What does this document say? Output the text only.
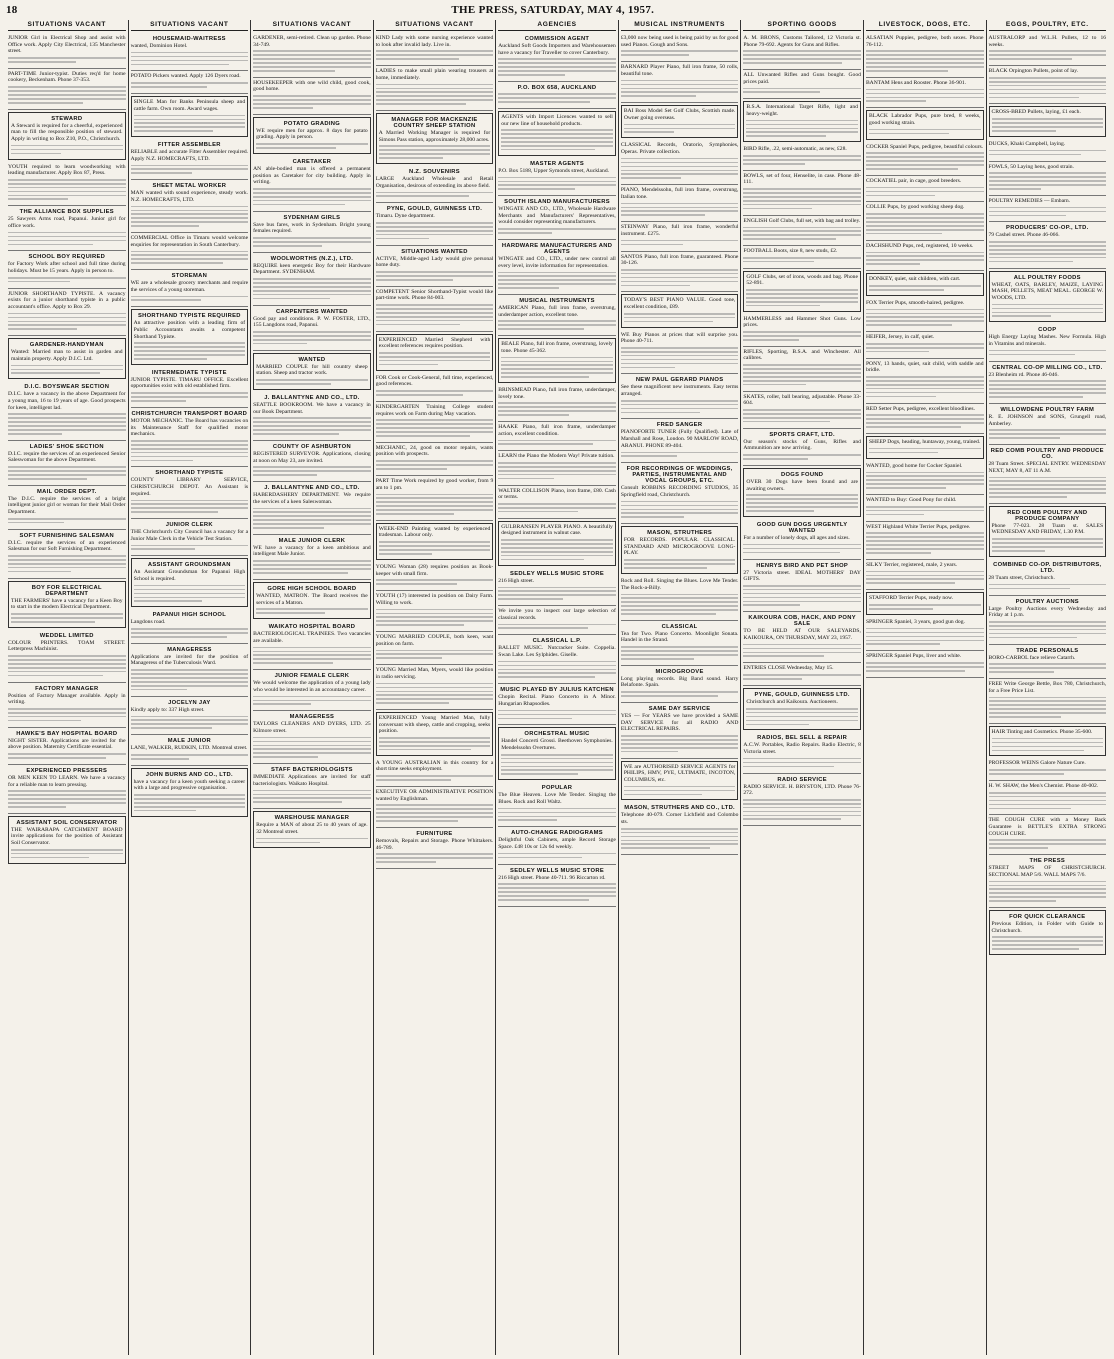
18	THE PRESS, SATURDAY, MAY 4, 1957.
SITUATIONS VACANT

JUNIOR Girl in Electrical Shop and assist with Office work. Apply City Electrical, 135 Manchester street.

PART-TIME Junior-typist. Duties req'd for home cookery, Beckenham. Phone 37-353.

STEWARD

A Steward is required for a cheerful, experienced man to fill the responsible position of steward. Apply in writing to Box Z10, P.O., Christchurch.

YOUTH required to learn woodworking with leading manufacturer. Apply Box 87, Press.

THE ALLIANCE BOX SUPPLIES

25 Sawyers Arms road, Papanui. Junior girl for office work.

SCHOOL BOY REQUIRED

for Factory Work after school and full time during holidays. Must be 15 years. Apply in person to.

JUNIOR SHORTHAND TYPISTE. A vacancy exists for a junior shorthand typiste in a public accountant's office. Apply to Box 29.

GARDENER-HANDYMAN

Wanted: Married man to assist in garden and maintain property. Apply D.I.C. Ltd.

D.I.C. BOYSWEAR SECTION

D.I.C. have a vacancy in the above Department for a young man, 16 to 19 years of age. Good prospects for keen, intelligent lad.

LADIES' SHOE SECTION

D.I.C. require the services of an experienced Senior Saleswoman for the above Department.

MAIL ORDER DEPT.

The D.I.C. require the services of a bright intelligent junior girl or woman for their Mail Order Department.

SOFT FURNISHING SALESMAN

D.I.C. require the services of an experienced Salesman for our Soft Furnishing Department.

BOY FOR ELECTRICAL DEPARTMENT

THE FARMERS' have a vacancy for a Keen Boy to start in the modern Electrical Department.

WEDDEL LIMITED

COLOUR PRINTERS. TOAM STREET. Letterpress Machinist.

FACTORY MANAGER

Position of Factory Manager available. Apply in writing.

HAWKE'S BAY HOSPITAL BOARD

NIGHT SISTER. Applications are invited for the above position. Maternity Certificate essential.

EXPERIENCED PRESSERS

OR MEN KEEN TO LEARN. We have a vacancy for a reliable man to learn pressing.

ASSISTANT SOIL CONSERVATOR

THE WAIRARAPA CATCHMENT BOARD invite applications for the position of Assistant Soil Conservator.

SITUATIONS VACANT
HOUSEMAID-WAITRESS

wanted, Dominion Hotel.

POTATO Pickers wanted. Apply 126 Dyers road.

SINGLE Man for Banks Peninsula sheep and cattle farm. Own room. Award wages.

FITTER ASSEMBLER

RELIABLE and accurate Fitter Assembler required. Apply N.Z. HOMECRAFTS, LTD.

SHEET METAL WORKER

MAN wanted with sound experience, steady work. N.Z. HOMECRAFTS, LTD.

COMMERCIAL Office in Timaru would welcome enquiries for representation in South Canterbury.

STOREMAN

WE are a wholesale grocery merchants and require the services of a young storeman.

SHORTHAND TYPISTE REQUIRED

An attractive position with a leading firm of Public Accountants awaits a competent Shorthand Typiste.

INTERMEDIATE TYPISTE

JUNIOR TYPISTE. TIMARU OFFICE. Excellent opportunities exist with old established firm.

CHRISTCHURCH TRANSPORT BOARD

MOTOR MECHANIC. The Board has vacancies on its Maintenance Staff for qualified motor mechanics.

SHORTHAND TYPISTE

COUNTY LIBRARY SERVICE, CHRISTCHURCH DEPOT. An Assistant is required.

JUNIOR CLERK

THE Christchurch City Council has a vacancy for a Junior Male Clerk in the Vehicle Test Station.

ASSISTANT GROUNDSMAN

An Assistant Groundsman for Papanui High School is required.

PAPANUI HIGH SCHOOL

Langdons road.

MANAGERESS

Applications are invited for the position of Manageress of the Tuberculosis Ward.

JOCELYN JAY

Kindly apply to: 337 High street.

MALE JUNIOR

LANE, WALKER, RUDKIN, LTD. Montreal street.

JOHN BURNS AND CO., LTD.

have a vacancy for a keen youth seeking a career with a large and progressive organisation.

SITUATIONS VACANT

GARDENER, semi-retired. Clean up garden. Phone 34-749.

HOUSEKEEPER with one wild child, good cook, good home.

POTATO GRADING

WE require men for approx. 8 days for potato grading. Apply in person.

CARETAKER

AN able-bodied man is offered a permanent position as Caretaker for city building. Apply in writing.

SYDENHAM GIRLS

Save bus fares, work in Sydenham. Bright young females required.

WOOLWORTHS (N.Z.), LTD.

REQUIRE keen energetic Boy for their Hardware Department. SYDENHAM.

CARPENTERS WANTED

Good pay and conditions. P. W. FOSTER, LTD., 155 Langdons road, Papanui.

WANTED

MARRIED COUPLE for hill country sheep station. Sheep and tractor work.

J. BALLANTYNE AND CO., LTD.

SEATTLE BOOKROOM. We have a vacancy in our Book Department.

COUNTY OF ASHBURTON

REGISTERED SURVEYOR. Applications, closing at noon on May 23, are invited.

J. BALLANTYNE AND CO., LTD.

HABERDASHERY DEPARTMENT. We require the services of a keen Saleswoman.

MALE JUNIOR CLERK

WE have a vacancy for a keen ambitious and intelligent Male Junior.

GORE HIGH SCHOOL BOARD

WANTED, MATRON. The Board receives the services of a Matron.

WAIKATO HOSPITAL BOARD

BACTERIOLOGICAL TRAINEES. Two vacancies are available.

JUNIOR FEMALE CLERK

We would welcome the application of a young lady who would be interested in an accountancy career.

MANAGERESS

TAYLORS CLEANERS AND DYERS, LTD. 25 Kilmore street.

STAFF BACTERIOLOGISTS

IMMEDIATE Applications are invited for staff bacteriologists. Waikato Hospital.

WAREHOUSE MANAGER

Require a MAN of about 25 to 40 years of age. 32 Montreal street.

SITUATIONS VACANT

KIND Lady with some nursing experience wanted to look after invalid lady. Live in.

LADIES to make small plain wearing trousers at home, immediately.

MANAGER FOR MACKENZIE COUNTRY SHEEP STATION

A Married Working Manager is required for Simons Pass station, approximately 28,000 acres.

N.Z. SOUVENIRS

LARGE Auckland Wholesale and Retail Organisation, desirous of extending its above field.

PYNE, GOULD, GUINNESS LTD.

Timaru. Dyne department.

SITUATIONS WANTED

ACTIVE, Middle-aged Lady would give personal home duty.

COMPETENT Senior Shorthand-Typist would like part-time work. Phone 84-003.

EXPERIENCED Married Shepherd with excellent references requires position.

FOR Cook or Cook-General, full time, experienced, good references.

KINDERGARTEN Training College student requires work on Farm during May vacation.

MECHANIC, 24, good on motor repairs, wants position with prospects.

PART Time Work required by good worker, from 9 am to 1 pm.

WEEK-END Painting wanted by experienced tradesman. Labour only.

YOUNG Woman (28) requires position as Book-keeper with small firm.

YOUTH (17) interested in position on Dairy Farm. Willing to work.

YOUNG MARRIED COUPLE, both keen, want position on farm.

YOUNG Married Man, Myers, would like position in radio servicing.

EXPERIENCED Young Married Man, fully conversant with sheep, cattle and cropping, seeks position.

A YOUNG AUSTRALIAN in this country for a short time seeks employment.

EXECUTIVE OR ADMINISTRATIVE POSITION wanted by Englishman.

FURNITURE

Removals, Repairs and Storage. Phone Whittakers. 46-789.

AGENCIES
COMMISSION AGENT

Auckland Soft Goods Importers and Warehousemen have a vacancy for Traveller to cover Canterbury.

P.O. BOX 658, AUCKLAND

AGENTS with Import Licences wanted to sell our new line of household products.

MASTER AGENTS

P.O. Box 5188, Upper Symonds street, Auckland.

SOUTH ISLAND MANUFACTURERS

WINGATE AND CO., LTD., Wholesale Hardware Merchants and Manufacturers' Representatives, would consider representing manufacturers.

HARDWARE MANUFACTURERS AND AGENTS

WINGATE and CO., LTD., under new control all every level, invite information for representation.

MUSICAL INSTRUMENTS

AMERICAN Piano, full iron frame, overstrung, underdamper action, excellent tone.

BEALE Piano, full iron frame, overstrung, lovely tone. Phone 45-362.

BRINSMEAD Piano, full iron frame, underdamper, lovely tone.

HAAKE Piano, full iron frame, underdamper action, excellent condition.

LEARN the Piano the Modern Way! Private tuition.

WALTER COLLISON Piano, iron frame, £80. Cash or terms.

GULBRANSEN PLAYER PIANO. A beautifully designed instrument in walnut case.

SEDLEY WELLS MUSIC STORE

216 High street.

We invite you to inspect our large selection of classical records.

CLASSICAL L.P.

BALLET MUSIC. Nutcracker Suite. Coppelia. Swan Lake. Les Sylphides. Giselle.

MUSIC PLAYED BY JULIUS KATCHEN

Chopin Recital. Piano Concerto in A Minor. Hungarian Rhapsodies.

ORCHESTRAL MUSIC

Handel Concerti Grossi. Beethoven Symphonies. Mendelssohn Overtures.

POPULAR

The Blue Heaven. Love Me Tender. Singing the Blues. Rock and Roll Waltz.

AUTO-CHANGE RADIOGRAMS

Delightful Oak Cabinets, ample Record Storage Space. £48 10s or 12s 6d weekly.

SEDLEY WELLS MUSIC STORE

216 High street. Phone 40-711. 96 Riccarton rd.

MUSICAL INSTRUMENTS

£3,000 now being used is being paid by us for good used Pianos. Gough and Sons.

BARNARD Player Piano, full iron frame, 50 rolls, beautiful tone.

BAI Boss Model Set Golf Clubs, Scottish made. Owner going overseas.

CLASSICAL Records, Oratorio, Symphonies, Operas. Private collection.

PIANO, Mendelssohn, full iron frame, overstrung, Italian tone.

STEINWAY Piano, full iron frame, wonderful instrument. £275.

SANTOS Piano, full iron frame, guaranteed. Phone 30-126.

TODAY'S BEST PIANO VALUE. Good tone, excellent condition, £89.

WE Buy Pianos at prices that will surprise you. Phone 40-711.

NEW PAUL GERARD PIANOS

See these magnificent new instruments. Easy terms arranged.

FRED SANGER

PIANOFORTE TUNER (Fully Qualified). Late of Marshall and Rose, London. 90 MARLOW ROAD, ARANUI. PHONE 89-404.

FOR RECORDINGS OF WEDDINGS, PARTIES, INSTRUMENTAL AND VOCAL GROUPS, ETC.

Consult ROBBINS RECORDING STUDIOS, 35 Springfield road, Christchurch.

MASON, STRUTHERS

FOR RECORDS. POPULAR. CLASSICAL. STANDARD AND MICROGROOVE LONG-PLAY.

Rock and Roll. Singing the Blues. Love Me Tender. The Rock-a-Billy.

CLASSICAL

Tea for Two. Piano Concerto. Moonlight Sonata. Handel in the Strand.

MICROGROOVE

Long playing records. Big Band sound. Harry Belafonte. Spain.

SAME DAY SERVICE

YES — For YEARS we have provided a SAME DAY SERVICE for all RADIO AND ELECTRICAL REPAIRS.

WE are AUTHORISED SERVICE AGENTS for PHILIPS, HMV, PYE, ULTIMATE, INCOTON, COLUMBUS, etc.

MASON, STRUTHERS AND CO., LTD.

Telephone 40-079. Corner Lichfield and Colombo sts.

SPORTING GOODS

A. M. BRONS, Customs Tailored, 12 Victoria st. Phone 79-692. Agents for Guns and Rifles.

ALL Unwanted Rifles and Guns bought. Good prices paid.

B.S.A. International Target Rifle, light and heavy-weight.

BIRD Rifle, .22, semi-automatic, as new, £28.

BOWLS, set of four, Henselite, in case. Phone 48-111.

ENGLISH Golf Clubs, full set, with bag and trolley.

FOOTBALL Boots, size 8, new studs, £2.

GOLF Clubs, set of irons, woods and bag. Phone 52-891.

HAMMERLESS and Hammer Shot Guns. Low prices.

RIFLES, Sporting, B.S.A. and Winchester. All calibres.

SKATES, roller, ball bearing, adjustable. Phone 33-604.

SPORTS CRAFT, LTD.

Our season's stocks of Guns, Rifles and Ammunition are now arriving.

DOGS FOUND

OVER 30 Dogs have been found and are awaiting owners.

GOOD GUN DOGS URGENTLY WANTED

For a number of lonely dogs, all ages and sizes.

HENRYS BIRD AND PET SHOP

27 Victoria street. IDEAL MOTHERS' DAY GIFTS.

KAIKOURA COB, HACK, AND PONY SALE

TO BE HELD AT OUR SALEYARDS, KAIKOURA, ON THURSDAY, MAY 23, 1957.

ENTRIES CLOSE Wednesday, May 15.

PYNE, GOULD, GUINNESS LTD.

Christchurch and Kaikoura. Auctioneers.

RADIOS, BEL SELL & REPAIR

A.C.W. Portables, Radio Repairs. Radio Electric, 8 Victoria street.

RADIO SERVICE

RADIO SERVICE. H. BRYSTON, LTD. Phone 76-272.

LIVESTOCK, DOGS, ETC.

ALSATIAN Puppies, pedigree, both sexes. Phone 76-112.

BANTAM Hens and Rooster. Phone 36-901.

BLACK Labrador Pups, pure bred, 8 weeks, good working strain.

COCKER Spaniel Pups, pedigree, beautiful colours.

COCKATIEL pair, in cage, good breeders.

COLLIE Pups, by good working sheep dog.

DACHSHUND Pups, red, registered, 10 weeks.

DONKEY, quiet, suit children, with cart.

FOX Terrier Pups, smooth-haired, pedigree.

HEIFER, Jersey, in calf, quiet.

PONY, 13 hands, quiet, suit child, with saddle and bridle.

RED Setter Pups, pedigree, excellent bloodlines.

SHEEP Dogs, heading, huntaway, young, trained.

WANTED, good home for Cocker Spaniel.

WANTED to Buy: Good Pony for child.

WEST Highland White Terrier Pups, pedigree.

SILKY Terrier, registered, male, 2 years.

STAFFORD Terrier Pups, ready now.

SPRINGER Spaniel, 3 years, good gun dog.

SPRINGER Spaniel Pups, liver and white.

EGGS, POULTRY, ETC.

AUSTRALORP and W.L.H. Pullets, 12 to 16 weeks.

BLACK Orpington Pullets, point of lay.

CROSS-BRED Pullets, laying, £1 each.

DUCKS, Khaki Campbell, laying.

FOWLS, 50 Laying hens, good strain.

POULTRY REMEDIES — Embarn.

PRODUCERS' CO-OP., LTD.

79 Cashel street. Phone 46-066.

ALL POULTRY FOODS

WHEAT, OATS, BARLEY, MAIZE, LAYING MASH, PELLETS, MEAT MEAL. GEORGE W. WOODS, LTD.

COOP

High Energy Laying Mashes. New Formula. High in Vitamins and minerals.

CENTRAL CO-OP MILLING CO., LTD.

23 Blenheim rd. Phone 46-046.

WILLOWDENE POULTRY FARM

R. E. JOHNSON and SONS, Grungell road, Amberley.

RED COMB POULTRY AND PRODUCE CO.

28 Tuam Street. SPECIAL ENTRY. WEDNESDAY NEXT, MAY 8, AT 11 A.M.

RED COMB POULTRY AND PRODUCE COMPANY

Phone 77-023. 28 Tuam st. SALES WEDNESDAY AND FRIDAY, 1.30 P.M.

COMBINED CO-OP. DISTRIBUTORS, LTD.

28 Tuam street, Christchurch.

POULTRY AUCTIONS

Large Poultry Auctions every Wednesday and Friday at 1 p.m.

TRADE PERSONALS

BORO-CARBOL face relieve Catarrh.

FREE Write George Bettle, Box 780, Christchurch, for a Free Price List.

HAIR Tinting and Cosmetics. Phone 35-600.

PROFESSOR WEINS Galore Nature Cure.

H. W. SHAW, the Men's Chemist. Phone 40-002.

THE COUGH CURE with a Money Back Guarantee is BETTLE'S EXTRA STRONG COUGH CURE.

THE PRESS

STREET MAPS OF CHRISTCHURCH. SECTIONAL MAP 5/6. WALL MAPS 7/6.

FOR QUICK CLEARANCE

Previous Edition, in Folder with Guide to Christchurch.
